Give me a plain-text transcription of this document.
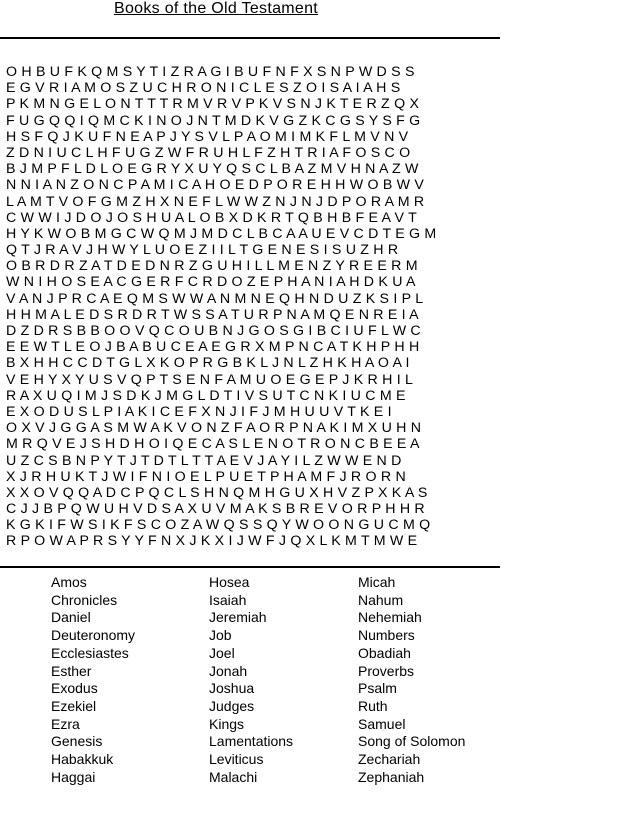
Books of the Old Testament
O H B U F K Q M S Y T I Z R A G I B U F N F X S N P W D S S
E G V R I A M O S Z U C H R O N I C L E S Z O I S A I A H S
P K M N G E L O N T T T R M V R V P K V S N J K T E R Z Q X
F U G Q Q I Q M C K I N O J N T M D K V G Z K C G S Y S F G
H S F Q J K U F N E A P J Y S V L P A O M I M K F L M V N V
Z D N I U C L H F U G Z W F R U H L F Z H T R I A F O S C O
B J M P F L D L O E G R Y X U Y Q S C L B A Z M V H N A Z W
N N I A N Z O N C P A M I C A H O E D P O R E H H W O B W V
L A M T V O F G M Z H X N E F L W W Z N J N J D P O R A M R
C W W I J D O J O S H U A L O B X D K R T Q B H B F E A V T
H Y K W O B M G C W Q M J M D C L B C A A U E V C D T E G M
Q T J R A V J H W Y L U O E Z I I L T G E N E S I S U Z H R
O B R D R Z A T D E D N R Z G U H I L L M E N Z Y R E E R M
W N I H O S E A C G E R F C R D O Z E P H A N I A H D K U A
V A N J P R C A E Q M S W W A N M N E Q H N D U Z K S I P L
H H M A L E D S R D R T W S S A T U R P N A M Q E N R E I A
D Z D R S B B O O V Q C O U B N J G O S G I B C I U F L W C
E E W T L E O J B A B U C E A E G R X M P N C A T K H P H H
B X H H C C D T G L X K O P R G B K L J N L Z H K H A O A I
V E H Y X Y U S V Q P T S E N F A M U O E G E P J K R H I L
R A X U Q I M J S D K J M G L D T I V S U T C N K I U C M E
E X O D U S L P I A K I C E F X N J I F J M H U U V T K E I
O X V J G G A S M W A K V O N Z F A O R P N A K I M X U H N
M R Q V E J S H D H O I Q E C A S L E N O T R O N C B E E A
U Z C S B N P Y T J T D T L T T A E V J A Y I L Z W W E N D
X J R H U K T J W I F N I O E L P U E T P H A M F J R O R N
X X O V Q Q A D C P Q C L S H N Q M H G U X H V Z P X K A S
C J J B P Q W U H V D S A X U V M A K S B R E V O R P H H R
K G K I F W S I K F S C O Z A W Q S S Q Y W O O N G U C M Q
R P O W A P R S Y Y F N X J K X I J W F J Q X L K M T M W E
Amos
Chronicles
Daniel
Deuteronomy
Ecclesiastes
Esther
Exodus
Ezekiel
Ezra
Genesis
Habakkuk
Haggai
Hosea
Isaiah
Jeremiah
Job
Joel
Jonah
Joshua
Judges
Kings
Lamentations
Leviticus
Malachi
Micah
Nahum
Nehemiah
Numbers
Obadiah
Proverbs
Psalm
Ruth
Samuel
Song of Solomon
Zechariah
Zephaniah
